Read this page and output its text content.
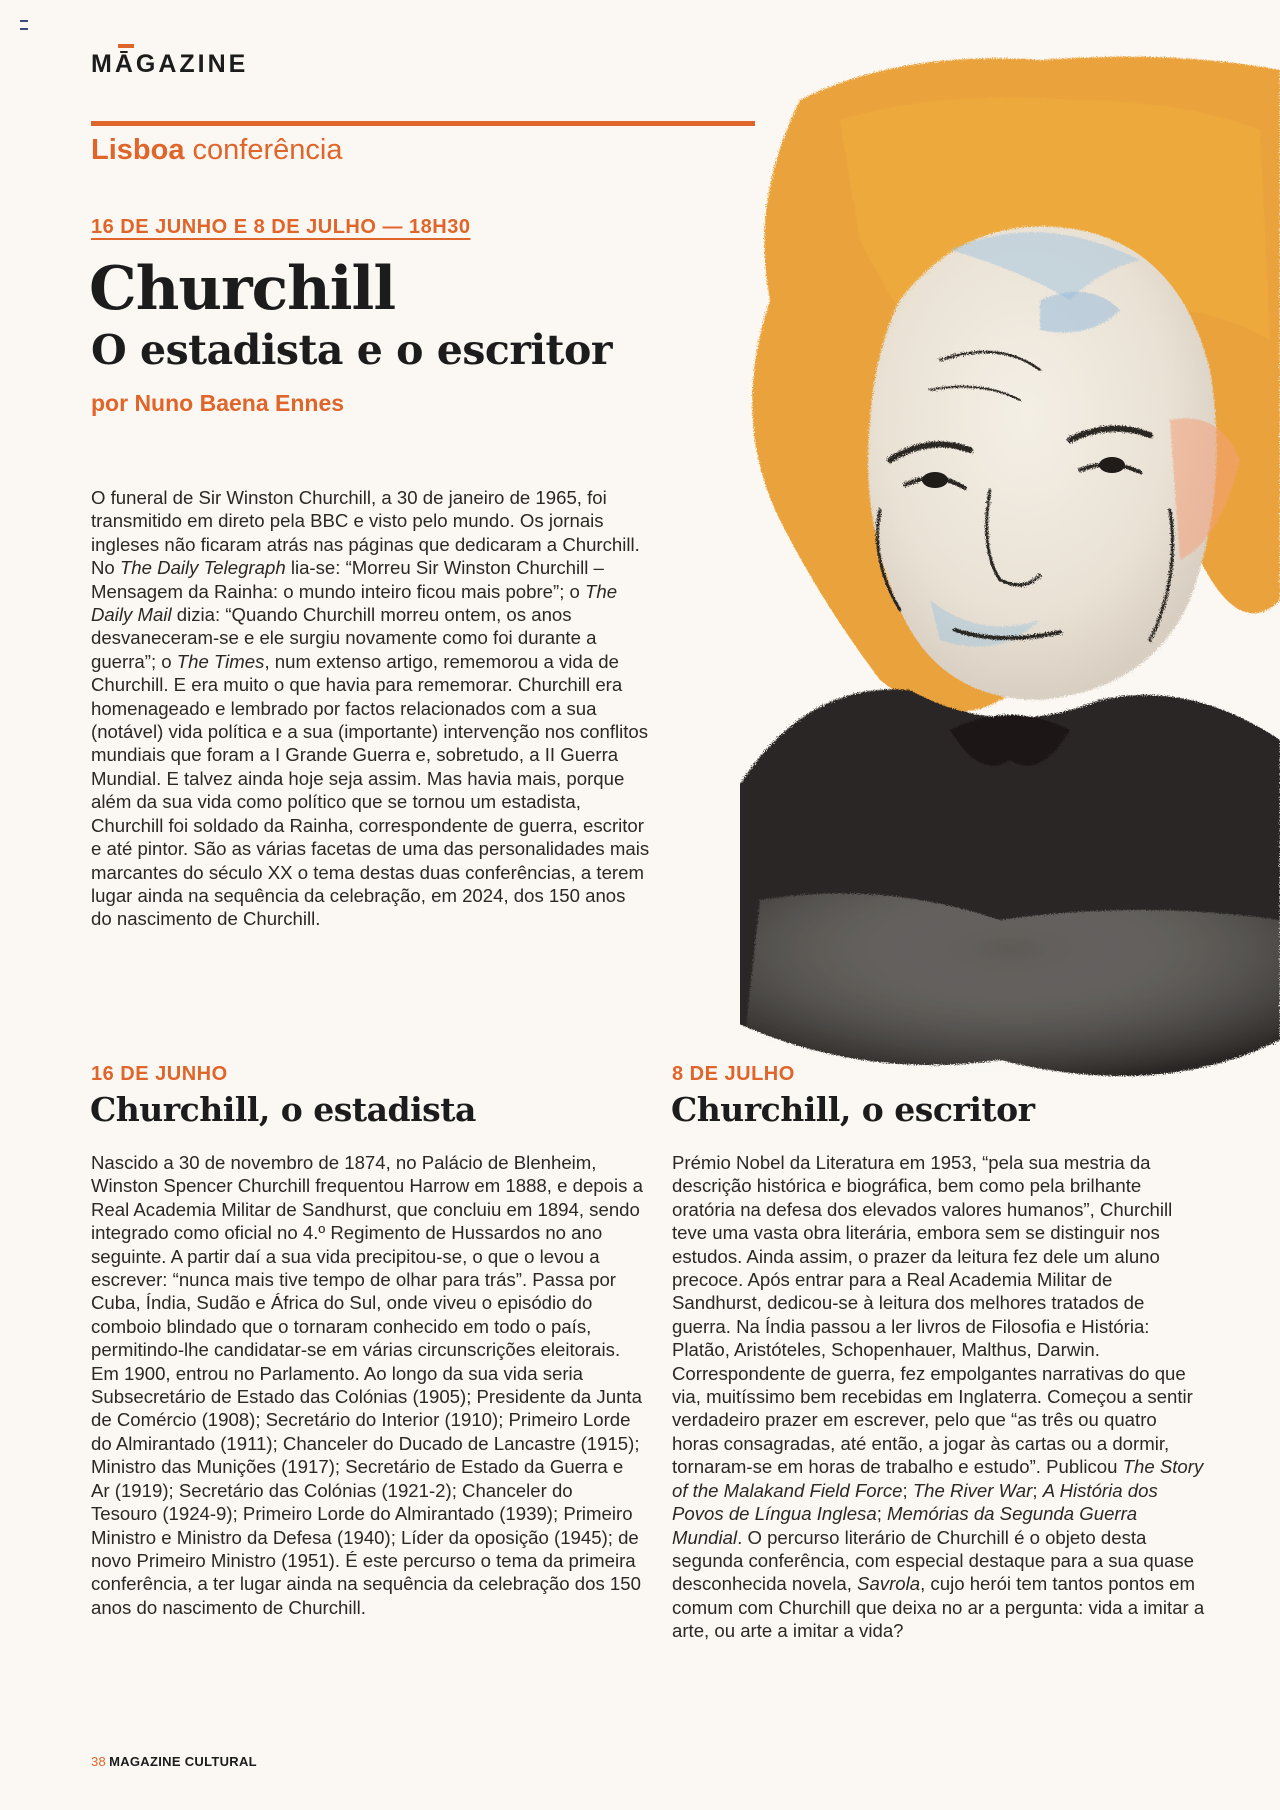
MĀGAZINE
Lisboa conferência
16 DE JUNHO E 8 DE JULHO — 18H30
Churchill
O estadista e o escritor
por Nuno Baena Ennes

O funeral de Sir Winston Churchill, a 30 de janeiro de 1965, foi transmitido em direto pela BBC e visto pelo mundo. Os jornais ingleses não ficaram atrás nas páginas que dedicaram a Churchill. No The Daily Telegraph lia-se: “Morreu Sir Winston Churchill – Mensagem da Rainha: o mundo inteiro ficou mais pobre”; o The Daily Mail dizia: “Quando Churchill morreu ontem, os anos desvaneceram-se e ele surgiu novamente como foi durante a guerra”; o The Times, num extenso artigo, rememorou a vida de Churchill. E era muito o que havia para rememorar. Churchill era homenageado e lembrado por factos relacionados com a sua (notável) vida política e a sua (importante) intervenção nos conflitos mundiais que foram a I Grande Guerra e, sobretudo, a II Guerra Mundial. E talvez ainda hoje seja assim. Mas havia mais, porque além da sua vida como político que se tornou um estadista, Churchill foi soldado da Rainha, correspondente de guerra, escritor e até pintor. São as várias facetas de uma das personalidades mais marcantes do século XX o tema destas duas conferências, a terem lugar ainda na sequência da celebração, em 2024, dos 150 anos do nascimento de Churchill.

16 DE JUNHO
Churchill, o estadista

Nascido a 30 de novembro de 1874, no Palácio de Blenheim, Winston Spencer Churchill frequentou Harrow em 1888, e depois a Real Academia Militar de Sandhurst, que concluiu em 1894, sendo integrado como oficial no 4.º Regimento de Hussardos no ano seguinte. A partir daí a sua vida precipitou-se, o que o levou a escrever: “nunca mais tive tempo de olhar para trás”. Passa por Cuba, Índia, Sudão e África do Sul, onde viveu o episódio do comboio blindado que o tornaram conhecido em todo o país, permitindo-lhe candidatar-se em várias circunscrições eleitorais.
Em 1900, entrou no Parlamento. Ao longo da sua vida seria Subsecretário de Estado das Colónias (1905); Presidente da Junta de Comércio (1908); Secretário do Interior (1910); Primeiro Lorde do Almirantado (1911); Chanceler do Ducado de Lancastre (1915); Ministro das Munições (1917); Secretário de Estado da Guerra e Ar (1919); Secretário das Colónias (1921-2); Chanceler do Tesouro (1924-9); Primeiro Lorde do Almirantado (1939); Primeiro Ministro e Ministro da Defesa (1940); Líder da oposição (1945); de novo Primeiro Ministro (1951). É este percurso o tema da primeira conferência, a ter lugar ainda na sequência da celebração dos 150 anos do nascimento de Churchill.

8 DE JULHO
Churchill, o escritor

Prémio Nobel da Literatura em 1953, “pela sua mestria da descrição histórica e biográfica, bem como pela brilhante oratória na defesa dos elevados valores humanos”, Churchill teve uma vasta obra literária, embora sem se distinguir nos estudos. Ainda assim, o prazer da leitura fez dele um aluno precoce. Após entrar para a Real Academia Militar de Sandhurst, dedicou-se à leitura dos melhores tratados de guerra. Na Índia passou a ler livros de Filosofia e História: Platão, Aristóteles, Schopenhauer, Malthus, Darwin. Correspondente de guerra, fez empolgantes narrativas do que via, muitíssimo bem recebidas em Inglaterra. Começou a sentir verdadeiro prazer em escrever, pelo que “as três ou quatro horas consagradas, até então, a jogar às cartas ou a dormir, tornaram-se em horas de trabalho e estudo”. Publicou The Story of the Malakand Field Force; The River War; A História dos Povos de Língua Inglesa; Memórias da Segunda Guerra Mundial. O percurso literário de Churchill é o objeto desta segunda conferência, com especial destaque para a sua quase desconhecida novela, Savrola, cujo herói tem tantos pontos em comum com Churchill que deixa no ar a pergunta: vida a imitar a arte, ou arte a imitar a vida?

38 MAGAZINE CULTURAL
